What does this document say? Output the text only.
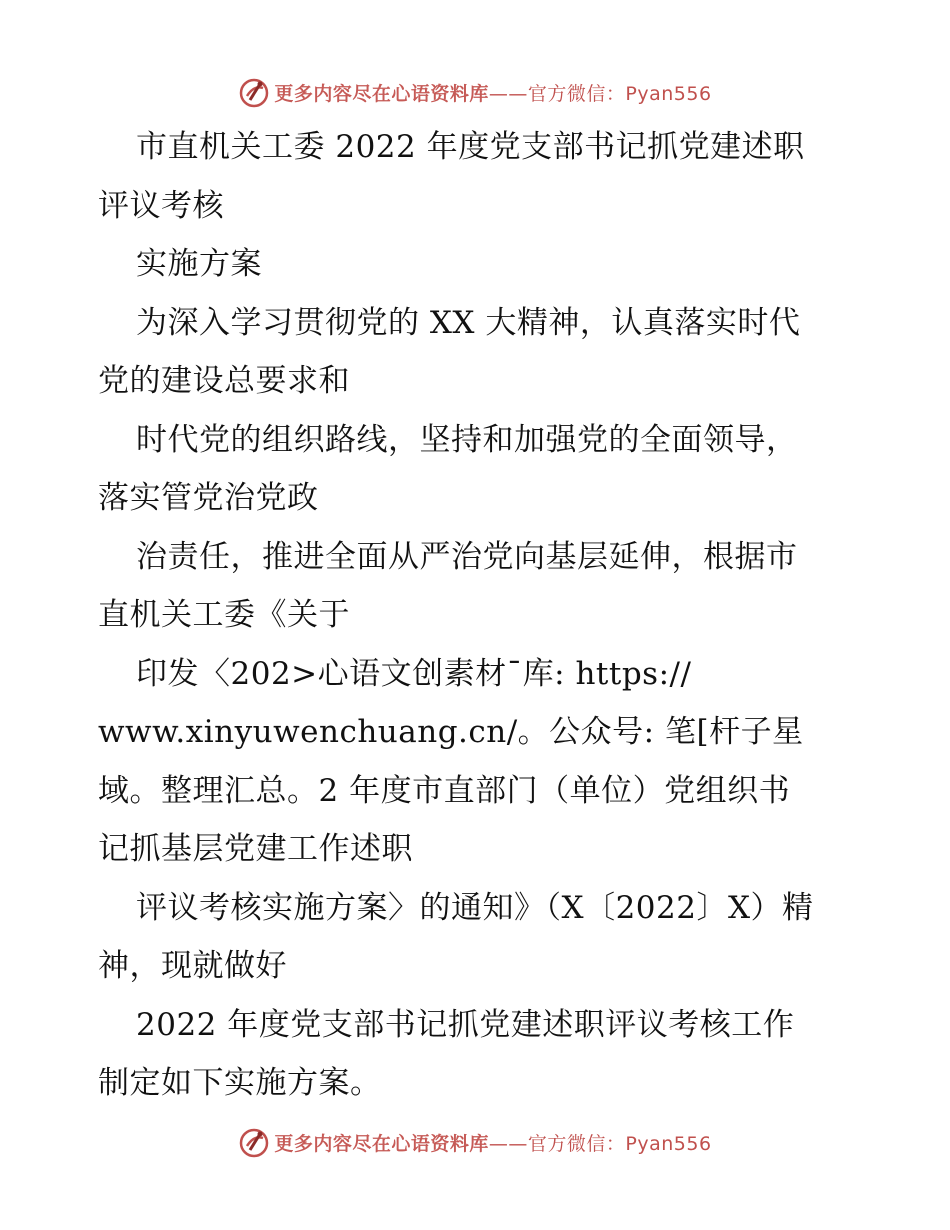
更多内容尽在心语资料库——官方微信：Pyan556
市直机关工委 2022 年度党支部书记抓党建述职
评议考核
实施方案
为深入学习贯彻党的 XX 大精神，认真落实时代
党的建设总要求和
时代党的组织路线，坚持和加强党的全面领导，
落实管党治党政
治责任，推进全面从严治党向基层延伸，根据市
直机关工委《关于
印发〈202>心语文创素材¯库: https://
www.xinyuwenchuang.cn/。公众号: 笔[杆子星
域。整理汇总。2 年度市直部门（单位）党组织书
记抓基层党建工作述职
评议考核实施方案〉的通知》（X〔2022〕X）精
神，现就做好
2022 年度党支部书记抓党建述职评议考核工作
制定如下实施方案。
更多内容尽在心语资料库——官方微信：Pyan556
